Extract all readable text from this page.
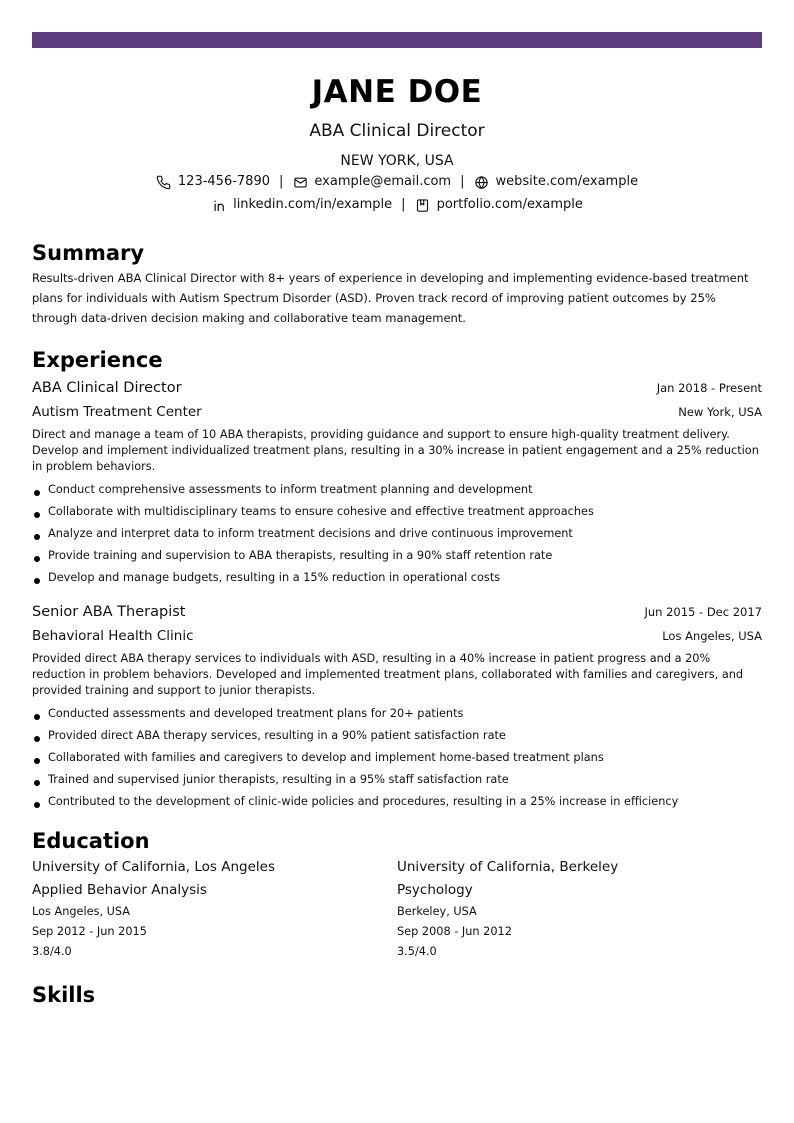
JANE DOE
ABA Clinical Director
NEW YORK, USA
123-456-7890 | example@email.com | website.com/example
linkedin.com/in/example | portfolio.com/example
Summary
Results-driven ABA Clinical Director with 8+ years of experience in developing and implementing evidence-based treatment plans for individuals with Autism Spectrum Disorder (ASD). Proven track record of improving patient outcomes by 25% through data-driven decision making and collaborative team management.
Experience
ABA Clinical Director	Jan 2018 - Present
Autism Treatment Center	New York, USA
Direct and manage a team of 10 ABA therapists, providing guidance and support to ensure high-quality treatment delivery. Develop and implement individualized treatment plans, resulting in a 30% increase in patient engagement and a 25% reduction in problem behaviors.
Conduct comprehensive assessments to inform treatment planning and development
Collaborate with multidisciplinary teams to ensure cohesive and effective treatment approaches
Analyze and interpret data to inform treatment decisions and drive continuous improvement
Provide training and supervision to ABA therapists, resulting in a 90% staff retention rate
Develop and manage budgets, resulting in a 15% reduction in operational costs
Senior ABA Therapist	Jun 2015 - Dec 2017
Behavioral Health Clinic	Los Angeles, USA
Provided direct ABA therapy services to individuals with ASD, resulting in a 40% increase in patient progress and a 20% reduction in problem behaviors. Developed and implemented treatment plans, collaborated with families and caregivers, and provided training and support to junior therapists.
Conducted assessments and developed treatment plans for 20+ patients
Provided direct ABA therapy services, resulting in a 90% patient satisfaction rate
Collaborated with families and caregivers to develop and implement home-based treatment plans
Trained and supervised junior therapists, resulting in a 95% staff satisfaction rate
Contributed to the development of clinic-wide policies and procedures, resulting in a 25% increase in efficiency
Education
University of California, Los Angeles
Applied Behavior Analysis
Los Angeles, USA
Sep 2012 - Jun 2015
3.8/4.0
University of California, Berkeley
Psychology
Berkeley, USA
Sep 2008 - Jun 2012
3.5/4.0
Skills
